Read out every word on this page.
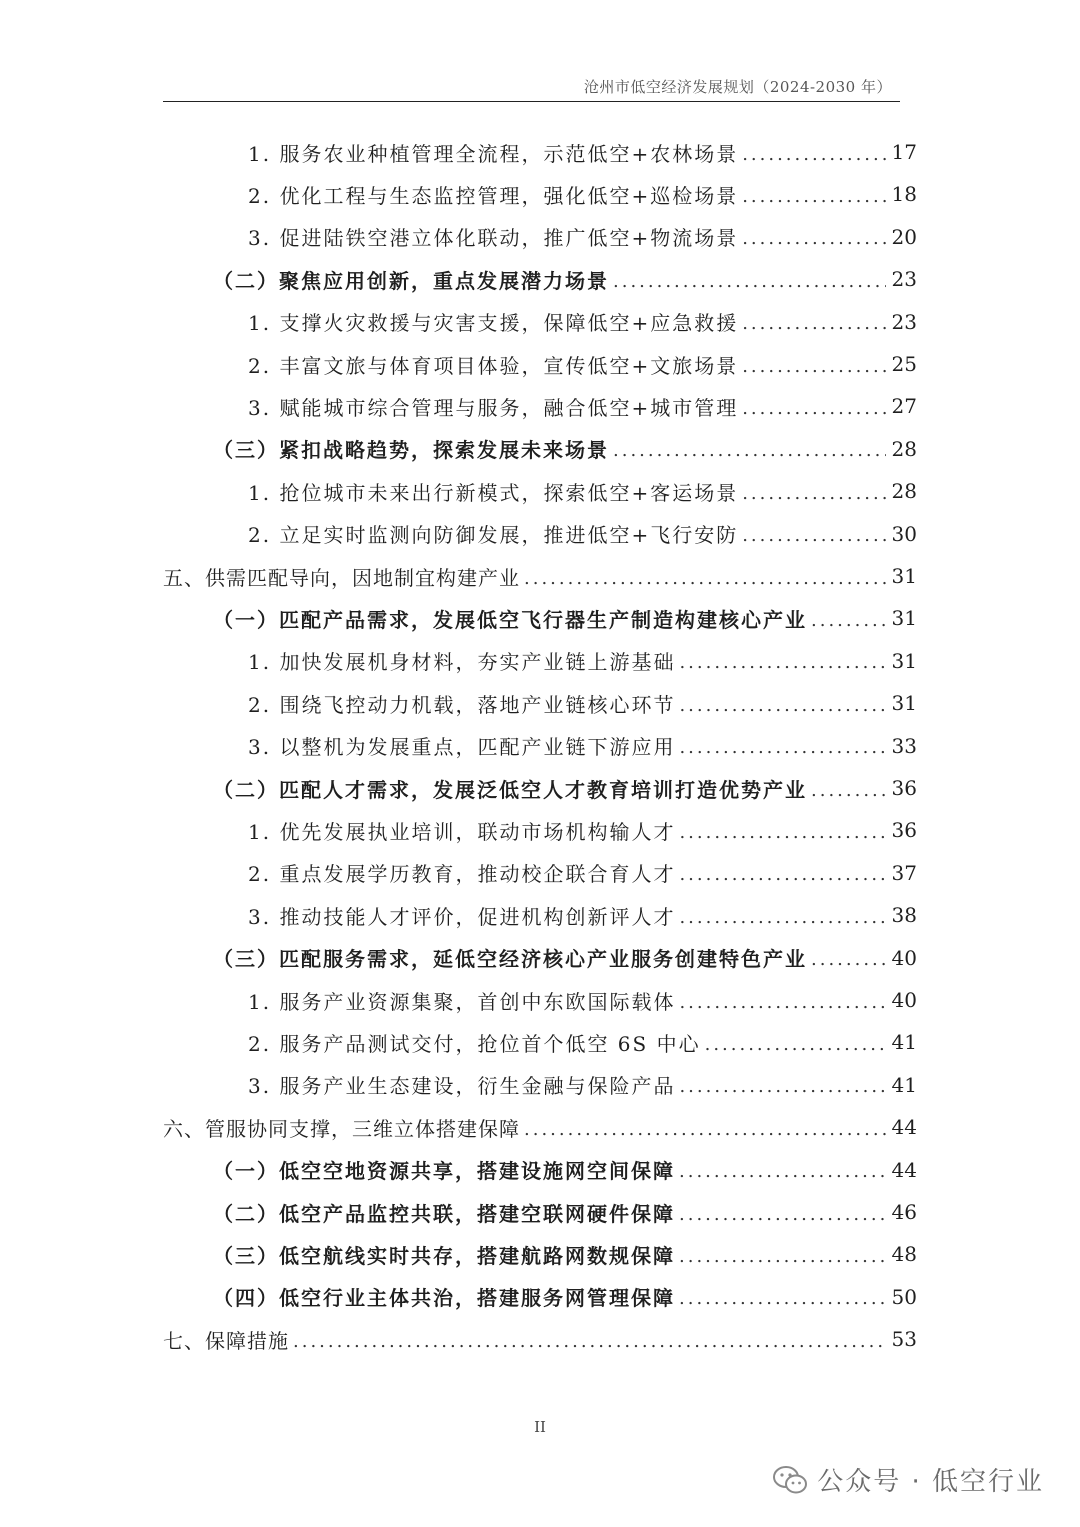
沧州市低空经济发展规划（2024-2030 年）
1. 服务农业种植管理全流程，示范低空+农林场景 .....	17
2. 优化工程与生态监控管理，强化低空+巡检场景 .....	18
3. 促进陆铁空港立体化联动，推广低空+物流场景 .....	20
（二）聚焦应用创新，重点发展潜力场景 .....	23
1. 支撑火灾救援与灾害支援，保障低空+应急救援 .....	23
2. 丰富文旅与体育项目体验，宣传低空+文旅场景 .....	25
3. 赋能城市综合管理与服务，融合低空+城市管理 .....	27
（三）紧扣战略趋势，探索发展未来场景 .....	28
1. 抢位城市未来出行新模式，探索低空+客运场景 .....	28
2. 立足实时监测向防御发展，推进低空+飞行安防 .....	30
五、供需匹配导向，因地制宜构建产业 .....	31
（一）匹配产品需求，发展低空飞行器生产制造构建核心产业 .....	31
1. 加快发展机身材料，夯实产业链上游基础 .....	31
2. 围绕飞控动力机载，落地产业链核心环节 .....	31
3. 以整机为发展重点，匹配产业链下游应用 .....	33
（二）匹配人才需求，发展泛低空人才教育培训打造优势产业 .....	36
1. 优先发展执业培训，联动市场机构输人才 .....	36
2. 重点发展学历教育，推动校企联合育人才 .....	37
3. 推动技能人才评价，促进机构创新评人才 .....	38
（三）匹配服务需求，延低空经济核心产业服务创建特色产业 .....	40
1. 服务产业资源集聚，首创中东欧国际载体 .....	40
2. 服务产品测试交付，抢位首个低空 6S 中心 .....	41
3. 服务产业生态建设，衍生金融与保险产品 .....	41
六、管服协同支撑，三维立体搭建保障 .....	44
（一）低空空地资源共享，搭建设施网空间保障 .....	44
（二）低空产品监控共联，搭建空联网硬件保障 .....	46
（三）低空航线实时共存，搭建航路网数规保障 .....	48
（四）低空行业主体共治，搭建服务网管理保障 .....	50
七、保障措施 .....	53
II
公众号 · 低空行业
